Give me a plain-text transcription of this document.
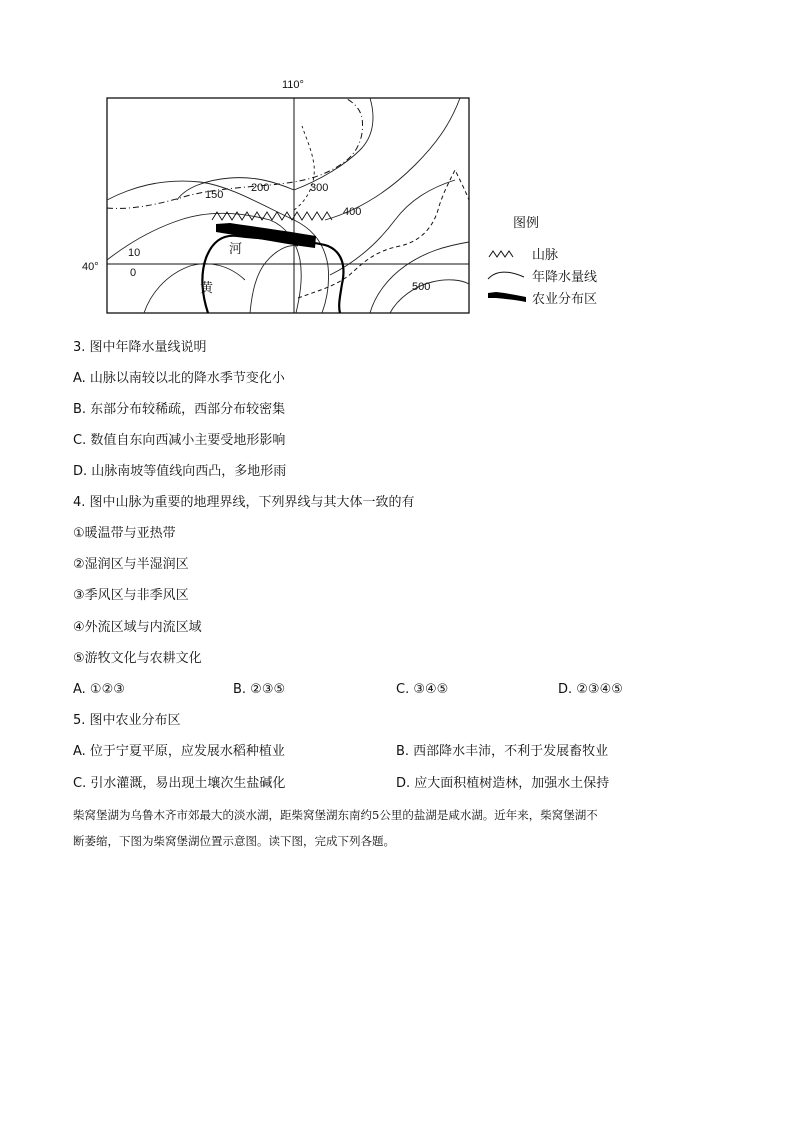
110°
40°
150
200	300
400
500
10
0
河
黄
图例
山脉
年降水量线
农业分布区
3. 图中年降水量线说明
A. 山脉以南较以北的降水季节变化小
B. 东部分布较稀疏，西部分布较密集
C. 数值自东向西减小主要受地形影响
D. 山脉南坡等值线向西凸，多地形雨
4. 图中山脉为重要的地理界线，下列界线与其大体一致的有
①暖温带与亚热带
②湿润区与半湿润区
③季风区与非季风区
④外流区域与内流区域
⑤游牧文化与农耕文化
A. ①②③	B. ②③⑤	C. ③④⑤	D. ②③④⑤
5. 图中农业分布区
A. 位于宁夏平原，应发展水稻种植业	B. 西部降水丰沛，不利于发展畜牧业
C. 引水灌溉，易出现土壤次生盐碱化	D. 应大面积植树造林，加强水土保持
柴窝堡湖为乌鲁木齐市郊最大的淡水湖，距柴窝堡湖东南约5公里的盐湖是咸水湖。近年来，柴窝堡湖不
断萎缩，下图为柴窝堡湖位置示意图。读下图，完成下列各题。
